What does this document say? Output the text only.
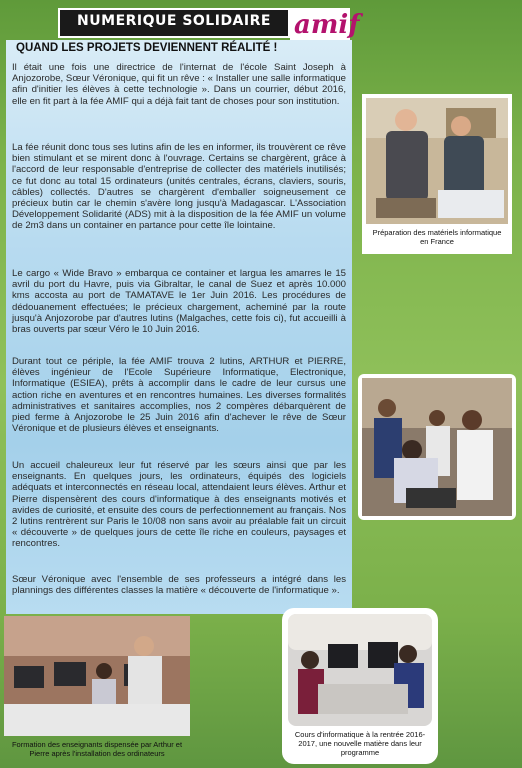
NUMERIQUE SOLIDAIRE amif
QUAND LES PROJETS DEVIENNENT RÉALITÉ !
Il était une fois une directrice de l'internat de l'école Saint Joseph à Anjozorobe, Sœur Véronique, qui fit un rêve : « Installer une salle informatique afin d'initier les élèves à cette technologie ». Dans un courrier, début 2016, elle en fit part à la fée AMIF qui a déjà fait tant de choses pour son institution.
La fée réunit donc tous ses lutins afin de les en informer, ils trouvèrent ce rêve bien stimulant et se mirent donc à l'ouvrage. Certains se chargèrent, grâce à l'accord de leur responsable d'entreprise de collecter des matériels inutilisés; ce fut donc au total 15 ordinateurs (unités centrales, écrans, claviers, souris, câbles) collectés. D'autres se chargèrent d'emballer soigneusement ce précieux butin car le chemin s'avère long jusqu'à Madagascar. L'Association Développement Solidarité (ADS) mit à la disposition de la fée AMIF un volume de 2m3 dans un container en partance pour cette île lointaine.
Le cargo « Wide Bravo » embarqua ce container et largua les amarres le 15 avril du port du Havre, puis via Gibraltar, le canal de Suez et après 10.000 kms accosta au port de TAMATAVE le 1er Juin 2016. Les procédures de dédouanement effectuées; le précieux chargement, acheminé par la route jusqu'à Anjozorobe par d'autres lutins (Malgaches, cette fois ci), fut accueilli à bras ouverts par sœur Véro le 10 Juin 2016.
Durant tout ce périple, la fée AMIF trouva 2 lutins, ARTHUR et PIERRE, élèves ingénieur de l'Ecole Supérieure Informatique, Electronique, Informatique (ESIEA), prêts à accomplir dans le cadre de leur cursus une action riche en aventures et en rencontres humaines. Les diverses formalités administratives et sanitaires accomplies, nos 2 compères débarquèrent de pied ferme à Anjozorobe le 25 Juin 2016 afin d'achever le rêve de Sœur Véronique et de plusieurs élèves et enseignants.
Un accueil chaleureux leur fut réservé par les sœurs ainsi que par les enseignants. En quelques jours, les ordinateurs, équipés des logiciels adéquats et interconnectés en réseau local, attendaient leurs élèves. Arthur et Pierre dispensèrent des cours d'informatique à des enseignants motivés et avides de curiosité, et ensuite des cours de perfectionnement au français. Nos 2 lutins rentrèrent sur Paris le 10/08 non sans avoir au préalable fait un circuit « découverte » de quelques jours de cette île riche en couleurs, paysages et rencontres.
Sœur Véronique avec l'ensemble de ses professeurs a intégré dans les plannings des différentes classes la matière « découverte de l'informatique ».
Préparation des matériels informatique en France
Formation des enseignants dispensée par Arthur et Pierre après l'installation des ordinateurs
Cours d'informatique à la rentrée 2016- 2017, une nouvelle matière dans leur programme
